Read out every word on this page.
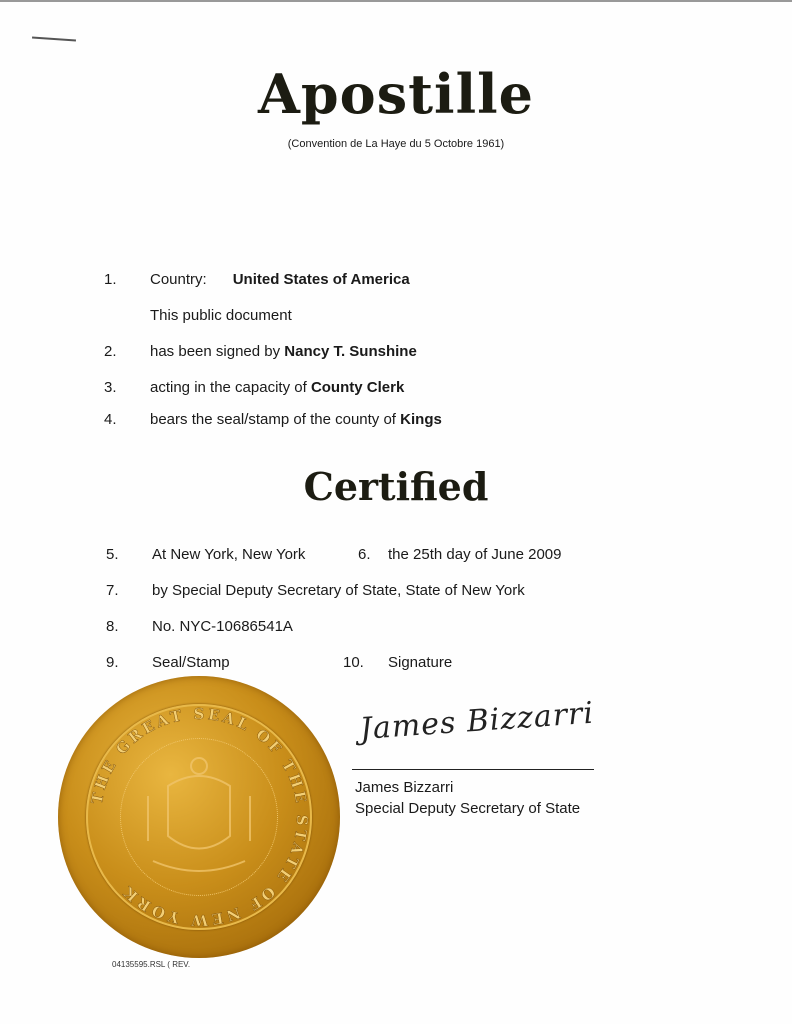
Apostille
(Convention de La Haye du 5 Octobre 1961)
1. Country: United States of America
This public document
2. has been signed by Nancy T. Sunshine
3. acting in the capacity of County Clerk
4. bears the seal/stamp of the county of Kings
Certified
5. At New York, New York	6. the 25th day of June 2009
7. by Special Deputy Secretary of State, State of New York
8. No. NYC-10686541A
9. Seal/Stamp	10. Signature
THE GREAT SEAL OF THE STATE OF NEW YORK
04135595.RSL ( REV.
James Bizzarri
James Bizzarri
Special Deputy Secretary of State
